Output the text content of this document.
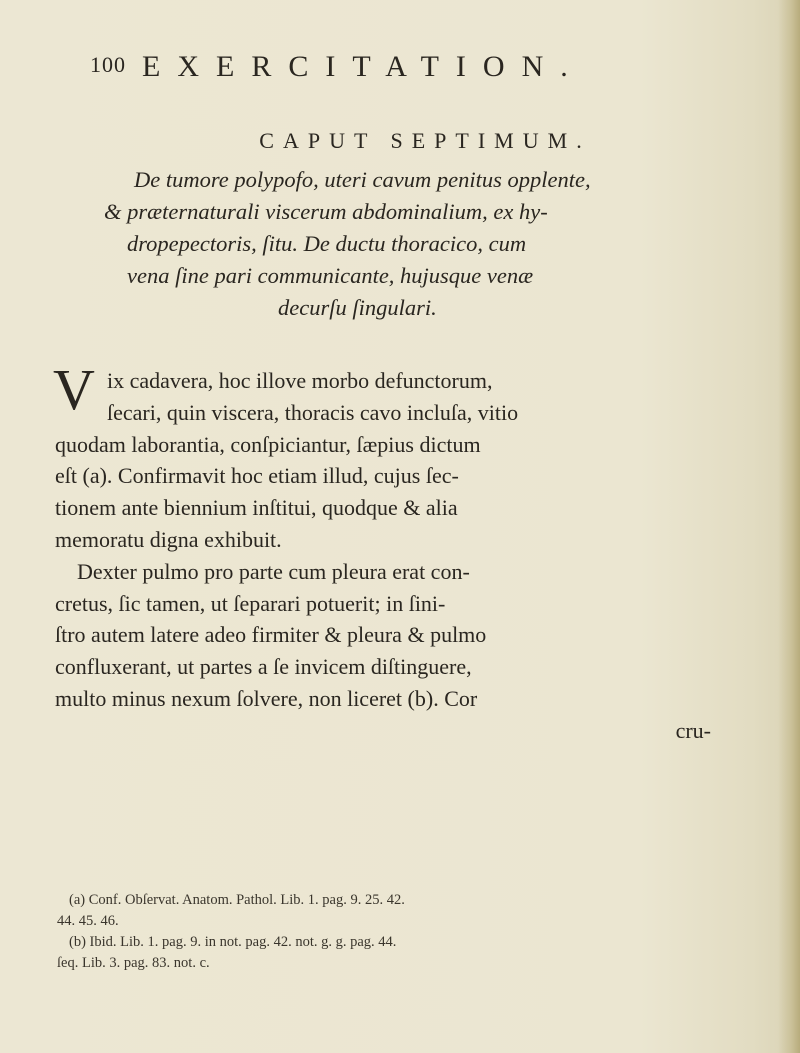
100 EXERCITATION.
CAPUT SEPTIMUM.
De tumore polypofo, uteri cavum penitus opplente,
& præternaturali viscerum abdominalium, ex hy-
dropepectoris, ſitu. De ductu thoracico, cum
vena ſine pari communicante, hujusque venæ
decurſu ſingulari.
V ix cadavera, hoc illove morbo defunctorum,
ſecari, quin viscera, thoracis cavo incluſa, vitio
quodam laborantia, conſpiciantur, ſæpius dictum
eſt (a). Confirmavit hoc etiam illud, cujus ſec-
tionem ante biennium inſtitui, quodque & alia
memoratu digna exhibuit.
Dexter pulmo pro parte cum pleura erat con-
cretus, ſic tamen, ut ſeparari potuerit; in ſini-
ſtro autem latere adeo firmiter & pleura & pulmo
confluxerant, ut partes a ſe invicem diſtinguere,
multo minus nexum ſolvere, non liceret (b). Cor
cru-
(a) Conf. Obſervat. Anatom. Pathol. Lib. 1. pag. 9. 25. 42.
44. 45. 46.
(b) Ibid. Lib. 1. pag. 9. in not. pag. 42. not. g. g. pag. 44.
ſeq. Lib. 3. pag. 83. not. c.
